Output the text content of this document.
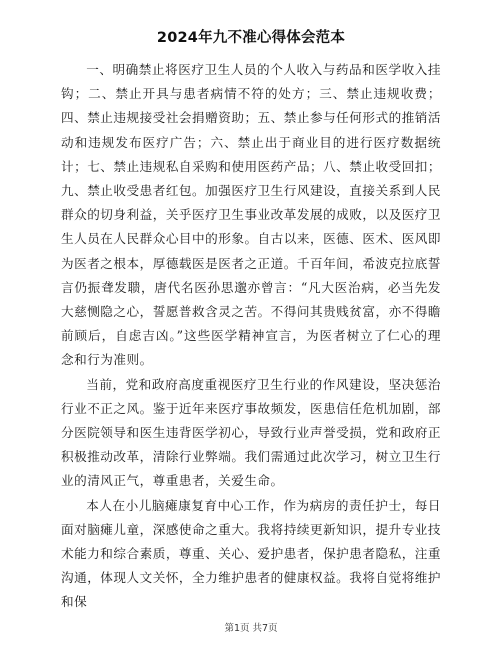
2024年九不准心得体会范本

一、明确禁止将医疗卫生人员的个人收入与药品和医学收入挂钩；二、禁止开具与患者病情不符的处方；三、禁止违规收费；四、禁止违规接受社会捐赠资助；五、禁止参与任何形式的推销活动和违规发布医疗广告；六、禁止出于商业目的进行医疗数据统计；七、禁止违规私自采购和使用医药产品；八、禁止收受回扣；九、禁止收受患者红包。加强医疗卫生行风建设，直接关系到人民群众的切身利益，关乎医疗卫生事业改革发展的成败，以及医疗卫生人员在人民群众心目中的形象。自古以来，医德、医术、医风即为医者之根本，厚德载医是医者之正道。千百年间，希波克拉底誓言仍振聋发聩，唐代名医孙思邈亦曾言：“凡大医治病，必当先发大慈恻隐之心，誓愿普救含灵之苦。不得问其贵贱贫富，亦不得瞻前顾后，自虑吉凶。”这些医学精神宣言，为医者树立了仁心的理念和行为准则。

当前，党和政府高度重视医疗卫生行业的作风建设，坚决惩治行业不正之风。鉴于近年来医疗事故频发，医患信任危机加剧，部分医院领导和医生违背医学初心，导致行业声誉受损，党和政府正积极推动改革，清除行业弊端。我们需通过此次学习，树立卫生行业的清风正气，尊重患者，关爱生命。

本人在小儿脑瘫康复育中心工作，作为病房的责任护士，每日面对脑瘫儿童，深感使命之重大。我将持续更新知识，提升专业技术能力和综合素质，尊重、关心、爱护患者，保护患者隐私，注重沟通，体现人文关怀，全力维护患者的健康权益。我将自觉将维护和保

第1页 共7页
